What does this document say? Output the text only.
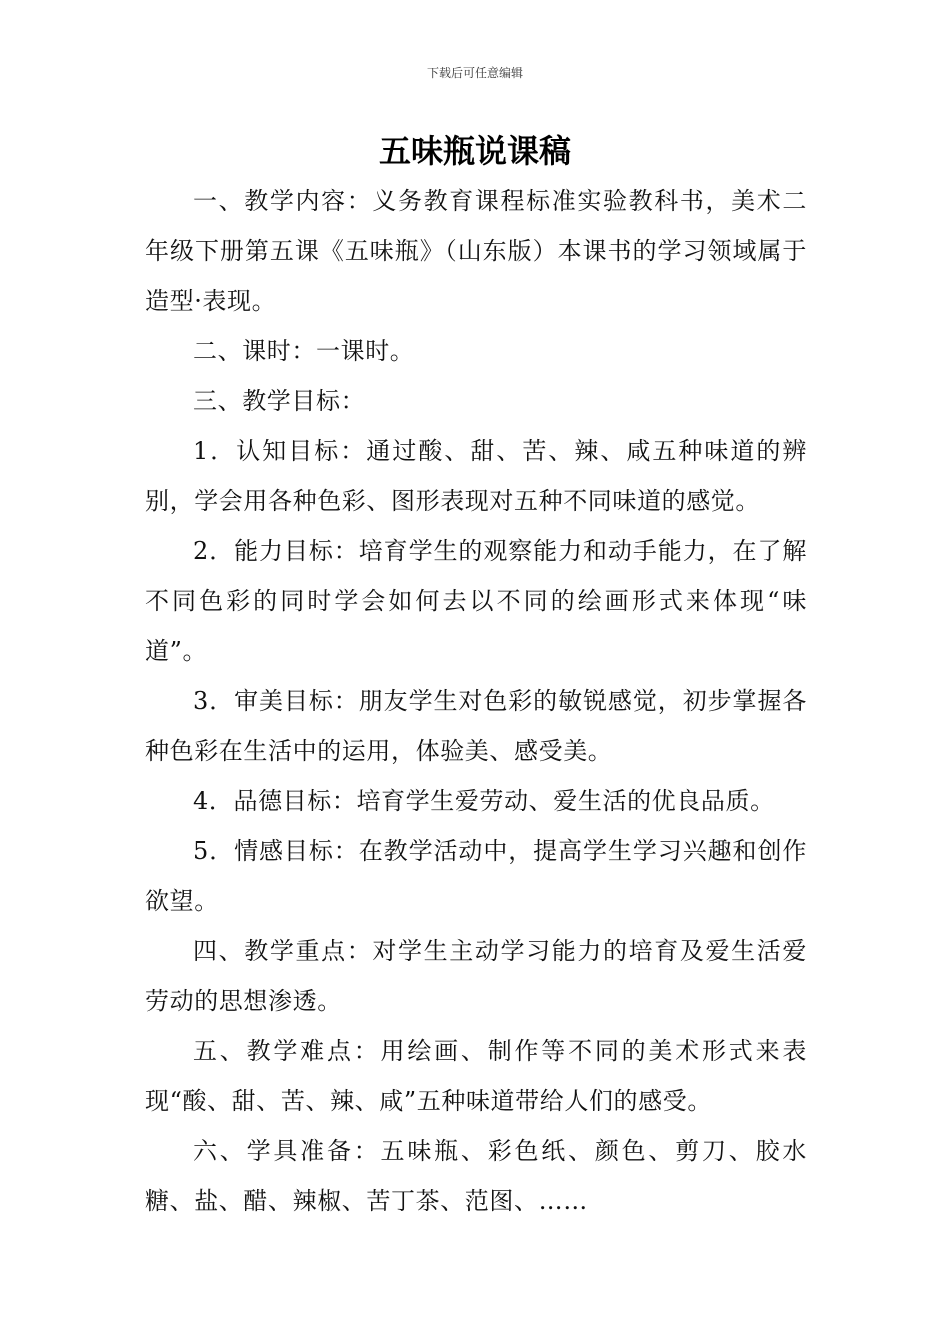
下载后可任意编辑
五味瓶说课稿

一、教学内容：义务教育课程标准实验教科书，美术二年级下册第五课《五味瓶》（山东版）本课书的学习领域属于造型·表现。

二、课时：一课时。

三、教学目标：

1．认知目标：通过酸、甜、苦、辣、咸五种味道的辨别，学会用各种色彩、图形表现对五种不同味道的感觉。

2．能力目标：培育学生的观察能力和动手能力，在了解不同色彩的同时学会如何去以不同的绘画形式来体现“味道”。

3．审美目标：朋友学生对色彩的敏锐感觉，初步掌握各种色彩在生活中的运用，体验美、感受美。

4．品德目标：培育学生爱劳动、爱生活的优良品质。

5．情感目标：在教学活动中，提高学生学习兴趣和创作欲望。

四、教学重点：对学生主动学习能力的培育及爱生活爱劳动的思想渗透。

五、教学难点：用绘画、制作等不同的美术形式来表现“酸、甜、苦、辣、咸”五种味道带给人们的感受。

六、学具准备：五味瓶、彩色纸、颜色、剪刀、胶水糖、盐、醋、辣椒、苦丁茶、范图、……
